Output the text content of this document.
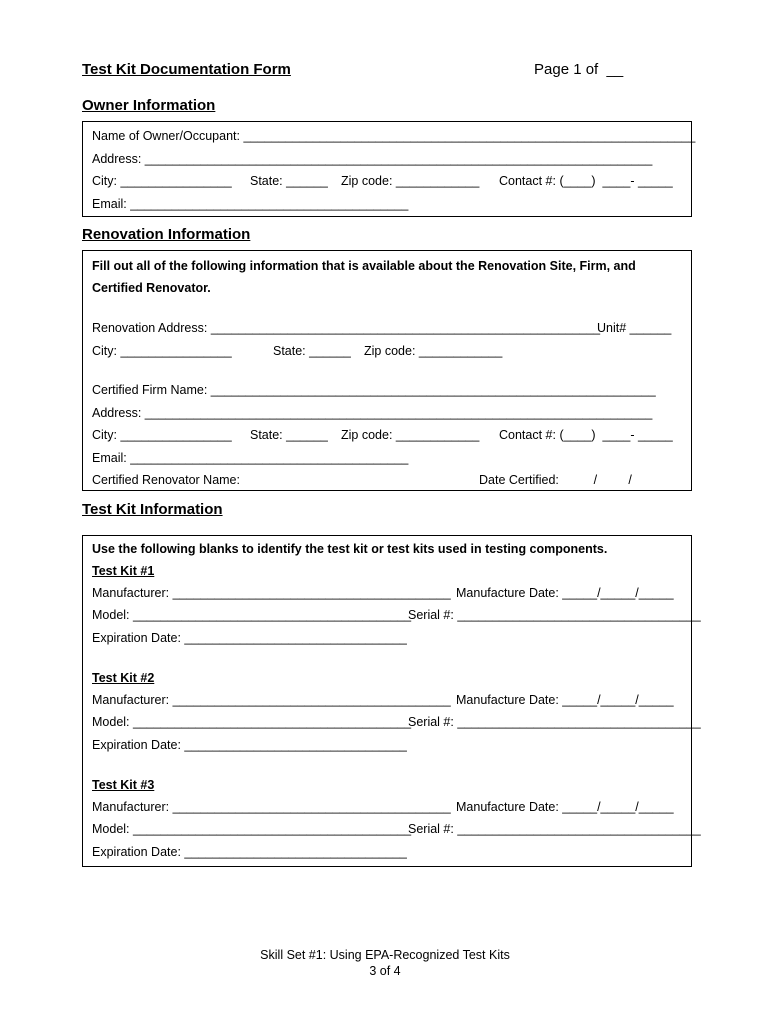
Test Kit Documentation Form	Page 1 of  __
Owner Information
Name of Owner/Occupant: _________________________________________________________________
Address: _________________________________________________________________________
City: ________________ State: ______ Zip code: ____________ Contact #: (____)  ____- _____
Email: ________________________________________
Renovation Information
Fill out all of the following information that is available about the Renovation Site, Firm, and
Certified Renovator.
Renovation Address: ________________________________________________________
Unit# ______
City: ________________	State: ______ Zip code: ____________
Certified Firm Name: ________________________________________________________________
Address: _________________________________________________________________________
City: ________________ State: ______ Zip code: ____________ Contact #: (____)  ____- _____
Email: ________________________________________
Certified Renovator Name:	Date Certified:          /         /
Test Kit Information
Use the following blanks to identify the test kit or test kits used in testing components.
Test Kit #1
Manufacturer: ________________________________________ Manufacture Date: _____/_____/_____
Model: ________________________________________
Serial #: ___________________________________
Expiration Date: ________________________________
Test Kit #2
Manufacturer: ________________________________________ Manufacture Date: _____/_____/_____
Model: ________________________________________
Serial #: ___________________________________
Expiration Date: ________________________________
Test Kit #3
Manufacturer: ________________________________________ Manufacture Date: _____/_____/_____
Model: ________________________________________
Serial #: ___________________________________
Expiration Date: ________________________________
Skill Set #1: Using EPA-Recognized Test Kits
3 of 4
